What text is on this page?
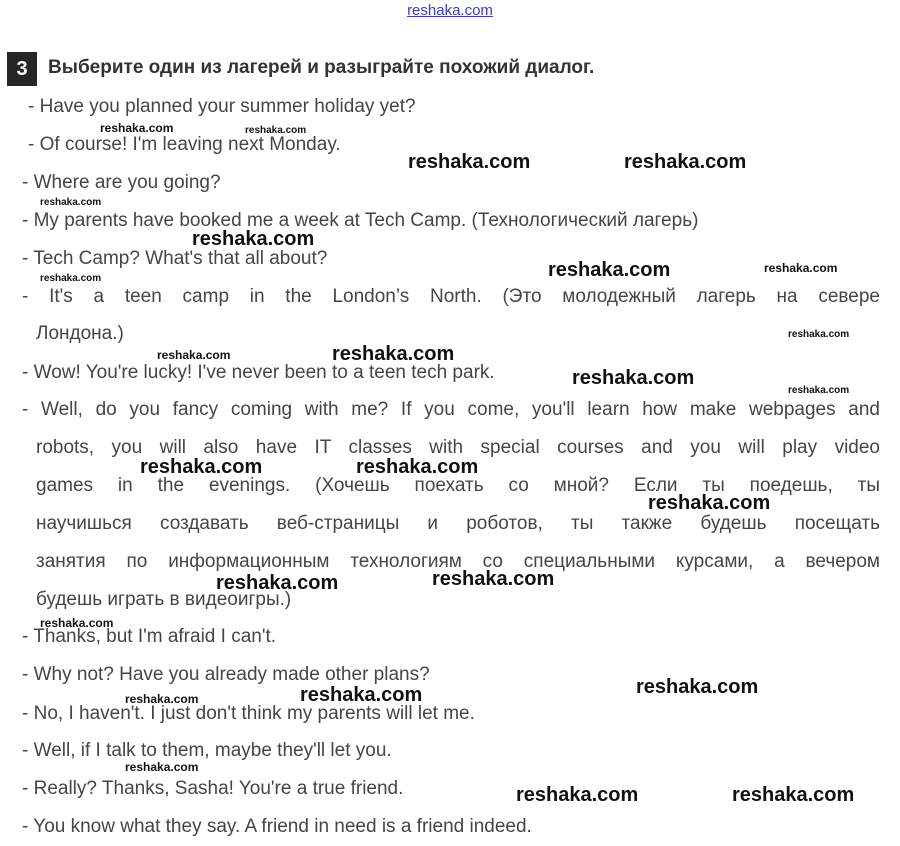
reshaka.com
3	Выберите один из лагерей и разыграйте похожий диалог.
- Have you planned your summer holiday yet?
- Of course! I'm leaving next Monday.
- Where are you going?
- My parents have booked me a week at Tech Camp. (Технологический лагерь)
- Tech Camp? What's that all about?
- It's a teen camp in the London’s North. (Это молодежный лагерь на севере
Лондона.)
- Wow! You're lucky! I've never been to a teen tech park.
- Well, do you fancy coming with me? If you come, you'll learn how make webpages and
robots, you will also have IT classes with special courses and you will play video
games in the evenings. (Хочешь поехать со мной? Если ты поедешь, ты
научишься создавать веб-страницы и роботов, ты также будешь посещать
занятия по информационным технологиям со специальными курсами, а вечером
будешь играть в видеоигры.)
- Thanks, but I'm afraid I can't.
- Why not? Have you already made other plans?
- No, I haven't. I just don't think my parents will let me.
- Well, if I talk to them, maybe they'll let you.
- Really? Thanks, Sasha! You're a true friend.
- You know what they say. A friend in need is a friend indeed.
reshaka.com	reshaka.com
reshaka.com	reshaka.com
reshaka.com
reshaka.com
reshaka.com	reshaka.com	reshaka.com
reshaka.com
reshaka.com	reshaka.com
reshaka.com
reshaka.com
reshaka.com	reshaka.com
reshaka.com
reshaka.com	reshaka.com
reshaka.com
reshaka.com
reshaka.com	reshaka.com
reshaka.com
reshaka.com	reshaka.com
